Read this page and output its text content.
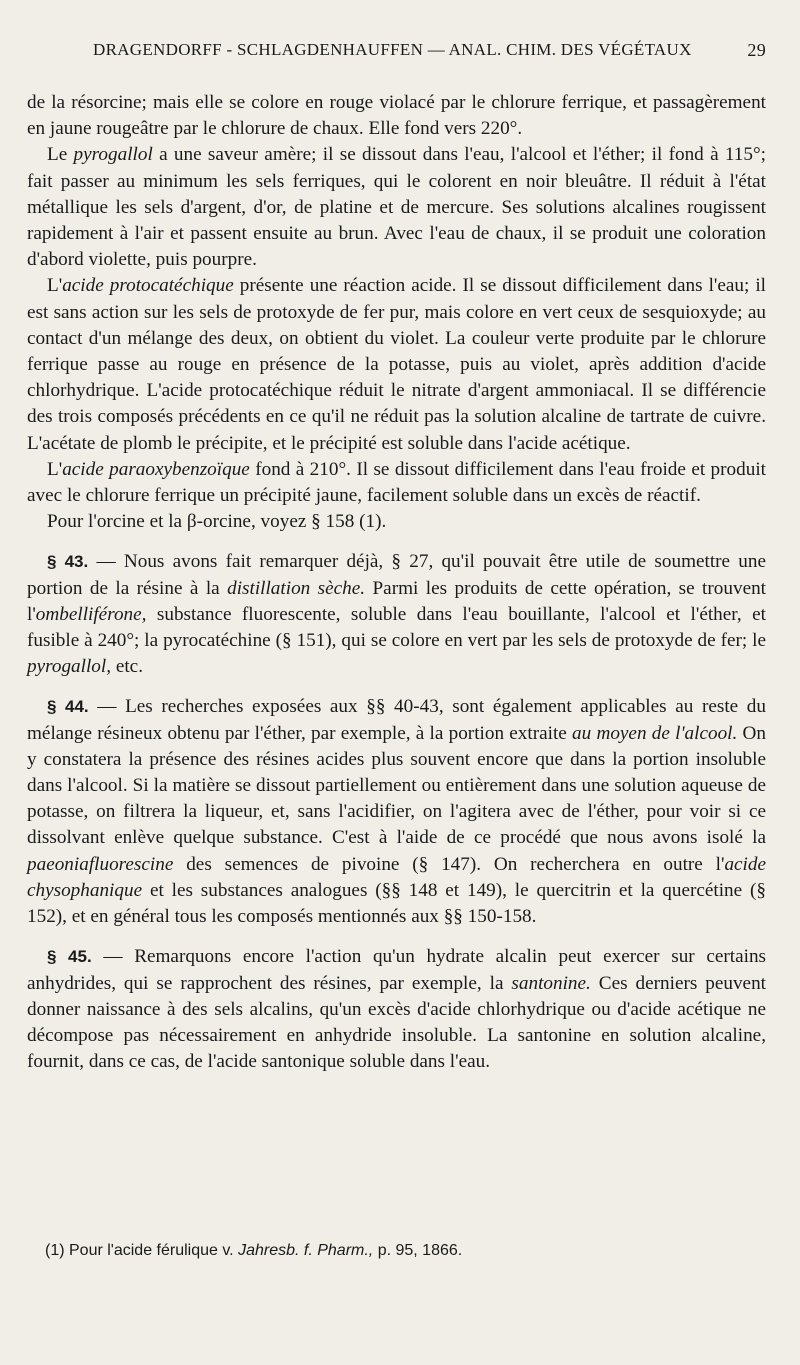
DRAGENDORFF - SCHLAGDENHAUFFEN — ANAL. CHIM. DES VÉGÉTAUX	29

de la résorcine; mais elle se colore en rouge violacé par le chlorure ferrique, et passagèrement en jaune rougeâtre par le chlorure de chaux. Elle fond vers 220°.

Le pyrogallol a une saveur amère; il se dissout dans l'eau, l'alcool et l'éther; il fond à 115°; fait passer au minimum les sels ferriques, qui le colorent en noir bleuâtre. Il réduit à l'état métallique les sels d'argent, d'or, de platine et de mercure. Ses solutions alcalines rougissent rapidement à l'air et passent ensuite au brun. Avec l'eau de chaux, il se produit une coloration d'abord violette, puis pourpre.

L'acide protocatéchique présente une réaction acide. Il se dissout difficilement dans l'eau; il est sans action sur les sels de protoxyde de fer pur, mais colore en vert ceux de sesquioxyde; au contact d'un mélange des deux, on obtient du violet. La couleur verte produite par le chlorure ferrique passe au rouge en présence de la potasse, puis au violet, après addition d'acide chlorhydrique. L'acide protocatéchique réduit le nitrate d'argent ammoniacal. Il se différencie des trois composés précédents en ce qu'il ne réduit pas la solution alcaline de tartrate de cuivre. L'acétate de plomb le précipite, et le précipité est soluble dans l'acide acétique.

L'acide paraoxybenzoïque fond à 210°. Il se dissout difficilement dans l'eau froide et produit avec le chlorure ferrique un précipité jaune, facilement soluble dans un excès de réactif.

Pour l'orcine et la β-orcine, voyez § 158 (1).

§ 43. — Nous avons fait remarquer déjà, § 27, qu'il pouvait être utile de soumettre une portion de la résine à la distillation sèche. Parmi les produits de cette opération, se trouvent l'ombelliférone, substance fluorescente, soluble dans l'eau bouillante, l'alcool et l'éther, et fusible à 240°; la pyrocatéchine (§ 151), qui se colore en vert par les sels de protoxyde de fer; le pyrogallol, etc.

§ 44. — Les recherches exposées aux §§ 40-43, sont également applicables au reste du mélange résineux obtenu par l'éther, par exemple, à la portion extraite au moyen de l'alcool. On y constatera la présence des résines acides plus souvent encore que dans la portion insoluble dans l'alcool. Si la matière se dissout partiellement ou entièrement dans une solution aqueuse de potasse, on filtrera la liqueur, et, sans l'acidifier, on l'agitera avec de l'éther, pour voir si ce dissolvant enlève quelque substance. C'est à l'aide de ce procédé que nous avons isolé la paeoniafluorescine des semences de pivoine (§ 147). On recherchera en outre l'acide chysophanique et les substances analogues (§§ 148 et 149), le quercitrin et la quercétine (§ 152), et en général tous les composés mentionnés aux §§ 150-158.

§ 45. — Remarquons encore l'action qu'un hydrate alcalin peut exercer sur certains anhydrides, qui se rapprochent des résines, par exemple, la santonine. Ces derniers peuvent donner naissance à des sels alcalins, qu'un excès d'acide chlorhydrique ou d'acide acétique ne décompose pas nécessairement en anhydride insoluble. La santonine en solution alcaline, fournit, dans ce cas, de l'acide santonique soluble dans l'eau.

(1) Pour l'acide férulique v. Jahresb. f. Pharm., p. 95, 1866.
